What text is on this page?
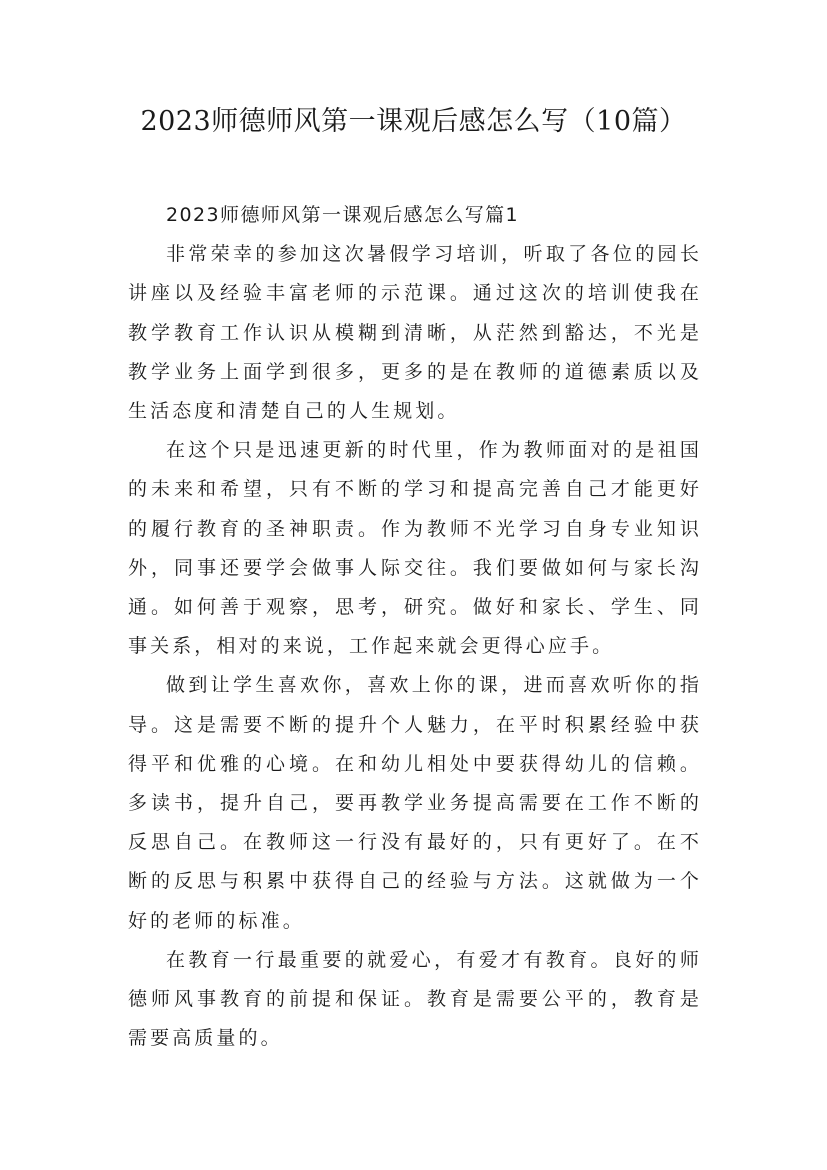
2023师德师风第一课观后感怎么写（10篇）

2023师德师风第一课观后感怎么写篇1

非常荣幸的参加这次暑假学习培训，听取了各位的园长讲座以及经验丰富老师的示范课。通过这次的培训使我在教学教育工作认识从模糊到清晰，从茫然到豁达，不光是教学业务上面学到很多，更多的是在教师的道德素质以及生活态度和清楚自己的人生规划。

在这个只是迅速更新的时代里，作为教师面对的是祖国的未来和希望，只有不断的学习和提高完善自己才能更好的履行教育的圣神职责。作为教师不光学习自身专业知识外，同事还要学会做事人际交往。我们要做如何与家长沟通。如何善于观察，思考，研究。做好和家长、学生、同事关系，相对的来说，工作起来就会更得心应手。

做到让学生喜欢你，喜欢上你的课，进而喜欢听你的指导。这是需要不断的提升个人魅力，在平时积累经验中获得平和优雅的心境。在和幼儿相处中要获得幼儿的信赖。多读书，提升自己，要再教学业务提高需要在工作不断的反思自己。在教师这一行没有最好的，只有更好了。在不断的反思与积累中获得自己的经验与方法。这就做为一个好的老师的标准。

在教育一行最重要的就爱心，有爱才有教育。良好的师德师风事教育的前提和保证。教育是需要公平的，教育是需要高质量的。
